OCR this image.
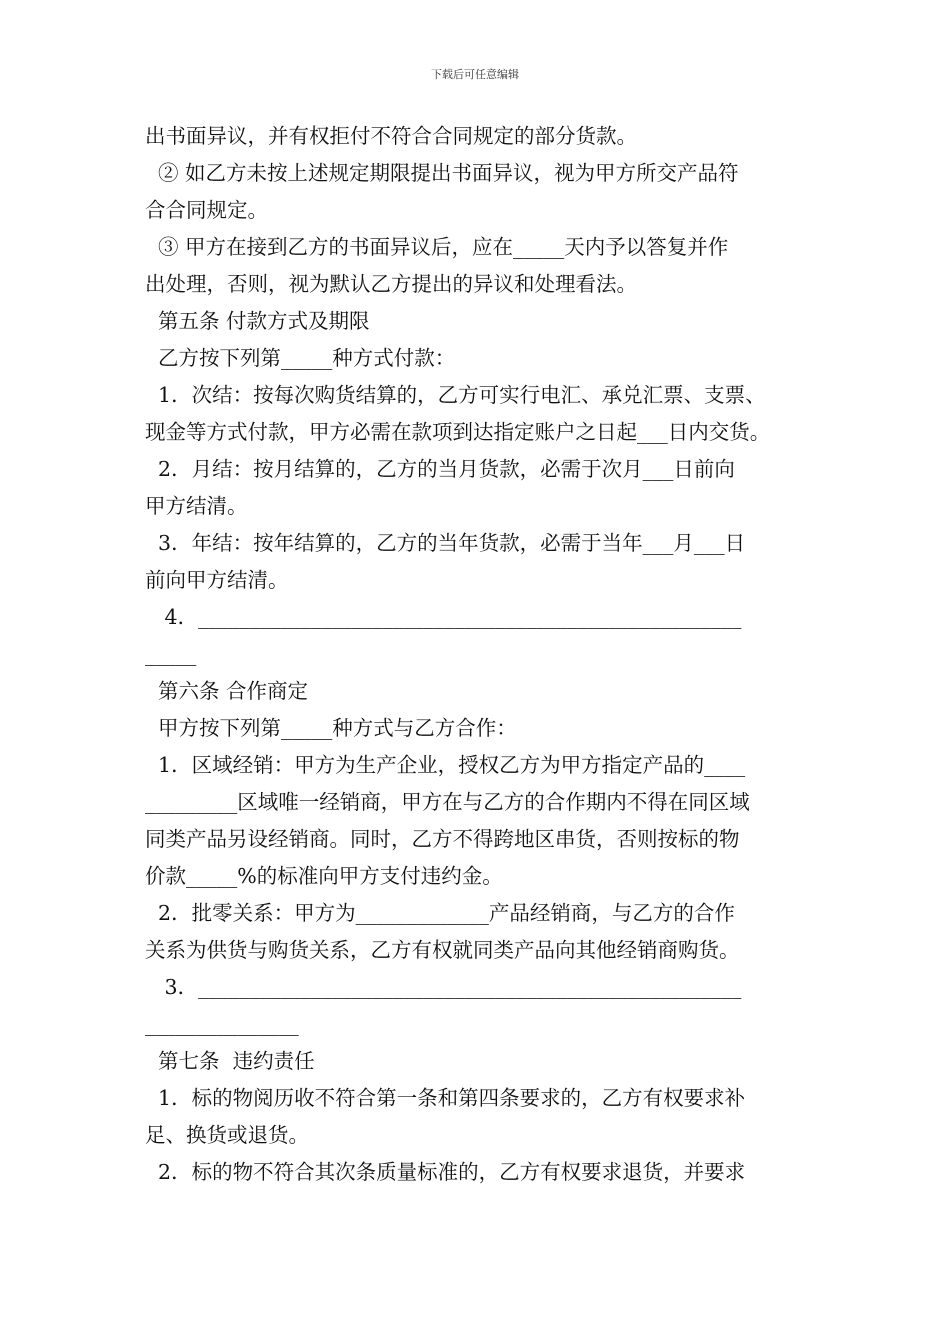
下载后可任意编辑

出书面异议，并有权拒付不符合合同规定的部分货款。

② 如乙方未按上述规定期限提出书面异议，视为甲方所交产品符

合合同规定。

③ 甲方在接到乙方的书面异议后，应在_____天内予以答复并作

出处理，否则，视为默认乙方提出的异议和处理看法。

第五条 付款方式及期限

乙方按下列第_____种方式付款：

1．次结：按每次购货结算的，乙方可实行电汇、承兑汇票、支票、

现金等方式付款，甲方必需在款项到达指定账户之日起___日内交货。

2．月结：按月结算的，乙方的当月货款，必需于次月___日前向

甲方结清。

3．年结：按年结算的，乙方的当年货款，必需于当年___月___日

前向甲方结清。

4．_____________________________________________________

_____

第六条 合作商定

甲方按下列第_____种方式与乙方合作：

1．区域经销：甲方为生产企业，授权乙方为甲方指定产品的____

_________区域唯一经销商，甲方在与乙方的合作期内不得在同区域

同类产品另设经销商。同时，乙方不得跨地区串货，否则按标的物

价款_____%的标准向甲方支付违约金。

2．批零关系：甲方为_____________产品经销商，与乙方的合作

关系为供货与购货关系，乙方有权就同类产品向其他经销商购货。

3．_____________________________________________________

_______________

第七条  违约责任

1．标的物阅历收不符合第一条和第四条要求的，乙方有权要求补

足、换货或退货。

2．标的物不符合其次条质量标准的，乙方有权要求退货，并要求
